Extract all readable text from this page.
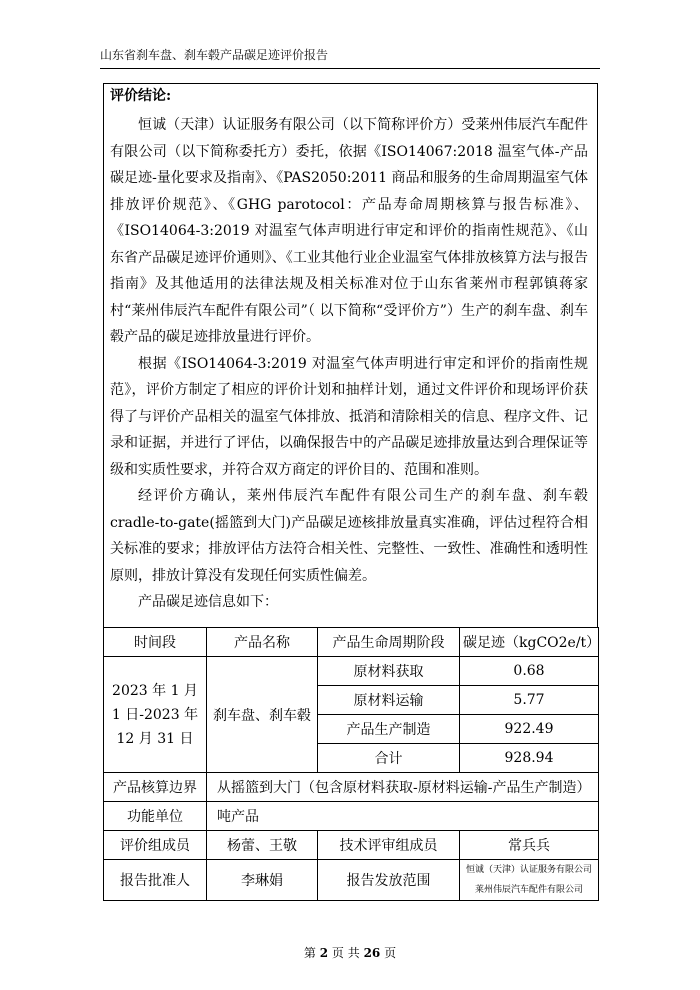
山东省刹车盘、刹车毂产品碳足迹评价报告
评价结论:

恒诚（天津）认证服务有限公司（以下简称评价方）受莱州伟辰汽车配件有限公司（以下简称委托方）委托，依据《ISO14067:2018 温室气体-产品碳足迹-量化要求及指南》、《PAS2050:2011 商品和服务的生命周期温室气体排放评价规范》、《GHG parotocol：产品寿命周期核算与报告标准》、《ISO14064-3:2019 对温室气体声明进行审定和评价的指南性规范》、《山东省产品碳足迹评价通则》、《工业其他行业企业温室气体排放核算方法与报告指南》及其他适用的法律法规及相关标准对位于山东省莱州市程郭镇蒋家村“莱州伟辰汽车配件有限公司”（ 以下简称“受评价方”）生产的刹车盘、刹车毂产品的碳足迹排放量进行评价。

根据《ISO14064-3:2019 对温室气体声明进行审定和评价的指南性规范》，评价方制定了相应的评价计划和抽样计划，通过文件评价和现场评价获得了与评价产品相关的温室气体排放、抵消和清除相关的信息、程序文件、记录和证据，并进行了评估，以确保报告中的产品碳足迹排放量达到合理保证等级和实质性要求，并符合双方商定的评价目的、范围和准则。

经评价方确认，莱州伟辰汽车配件有限公司生产的刹车盘、刹车毂cradle-to-gate(摇篮到大门)产品碳足迹核排放量真实准确，评估过程符合相关标准的要求；排放评估方法符合相关性、完整性、一致性、准确性和透明性原则，排放计算没有发现任何实质性偏差。

产品碳足迹信息如下：

时间段	产品名称	产品生命周期阶段	碳足迹（kgCO2e/t）
2023 年 1 月 1 日-2023 年 12 月 31 日	刹车盘、刹车毂	原材料获取	0.68
		原材料运输	5.77
		产品生产制造	922.49
		合计	928.94
产品核算边界	从摇篮到大门（包含原材料获取-原材料运输-产品生产制造）		
功能单位	吨产品		
评价组成员	杨蕾、王敬	技术评审组成员	常兵兵
报告批准人	李琳娟	报告发放范围	恒诚（天津）认证服务有限公司
莱州伟辰汽车配件有限公司
第 2 页 共 26 页
